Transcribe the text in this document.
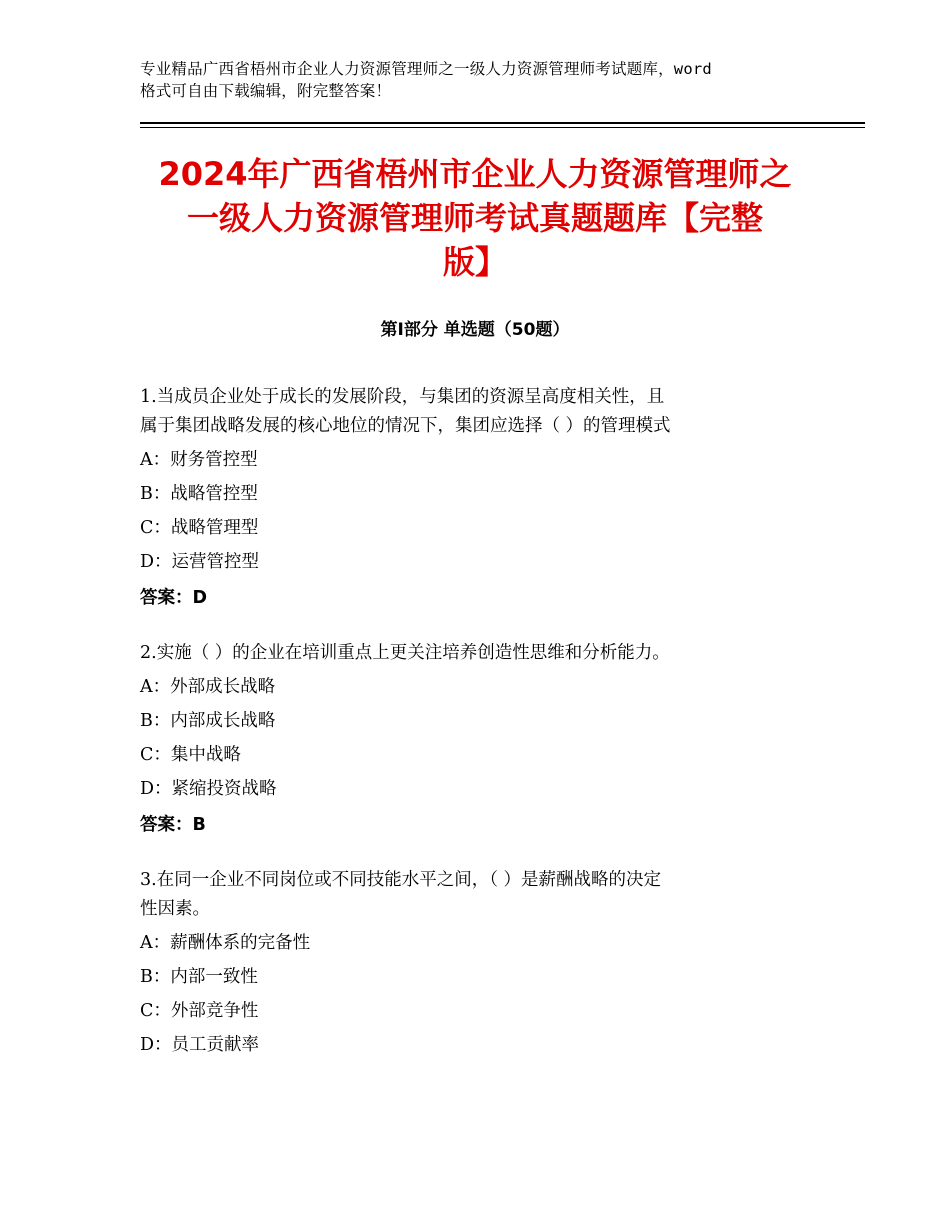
专业精品广西省梧州市企业人力资源管理师之一级人力资源管理师考试题库，word
格式可自由下载编辑，附完整答案！
2024年广西省梧州市企业人力资源管理师之
一级人力资源管理师考试真题题库【完整
版】
第Ⅰ部分 单选题（50题）
1.当成员企业处于成长的发展阶段，与集团的资源呈高度相关性，且
属于集团战略发展的核心地位的情况下，集团应选择（ ）的管理模式
A：财务管控型
B：战略管控型
C：战略管理型
D：运营管控型
答案：D
2.实施（ ）的企业在培训重点上更关注培养创造性思维和分析能力。
A：外部成长战略
B：内部成长战略
C：集中战略
D：紧缩投资战略
答案：B
3.在同一企业不同岗位或不同技能水平之间，（ ）是薪酬战略的决定
性因素。
A：薪酬体系的完备性
B：内部一致性
C：外部竞争性
D：员工贡献率
